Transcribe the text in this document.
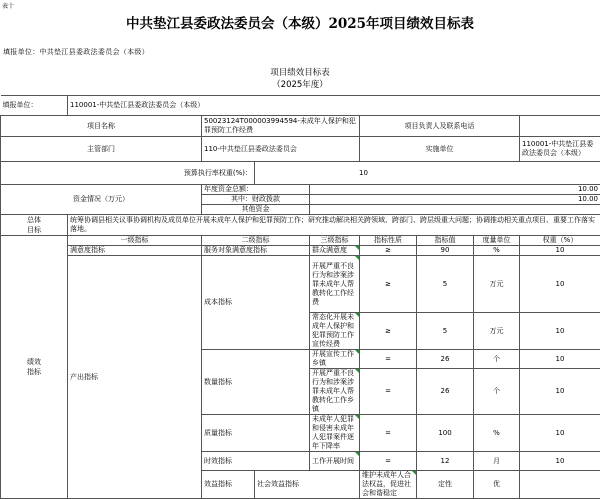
表十
中共垫江县委政法委员会（本级）2025年项目绩效目标表
填报单位：中共垫江县委政法委员会（本级）
项目绩效目标表
（2025年度）
填报单位：	110001-中共垫江县委政法委员会（本级）								
项目名称		50023124T000003994594-未成年人保护和犯罪预防工作经费			项目负责人及联系电话				
主管部门		110-中共垫江县委政法委员会			实施单位			110001-中共垫江县委政法委员会（本级）	
预算执行率权重(%)：			10						
资金情况（万元）		年度资金总额：		10.00					
		其中：财政拨款		10.00					
		其他资金							
总体
目标	统筹协调县相关议事协调机构及成员单位开展未成年人保护和犯罪预防工作；研究推动解决相关跨领域、跨部门、跨层级重大问题；协调推动相关重点项目、重要工作落实落地。								
绩效指标	一级指标	二级指标		三级指标	指标性质	指标值	度量单位	权重（%）	
	满意度指标	服务对象满意度指标		群众满意度	≥	90	%	10	
	产出指标	成本指标		开展严重不良行为和涉案涉罪未成年人帮教转化工作经费	≥	5	万元	10	
				常态化开展未成年人保护和犯罪预防工作宣传经费	≥	5	万元	10	
		数量指标		开展宣传工作乡镇	=	26	个	10	
				开展严重不良行为和涉案涉罪未成年人帮教转化工作乡镇	=	26	个	10	
		质量指标		未成年人犯罪和侵害未成年人犯罪案件逐年下降率	=	100	%	10	
		时效指标		工作开展时间	=	12	月	10	
		效益指标	社会效益指标		维护未成年人合法权益，促进社会和谐稳定	定性	优		
